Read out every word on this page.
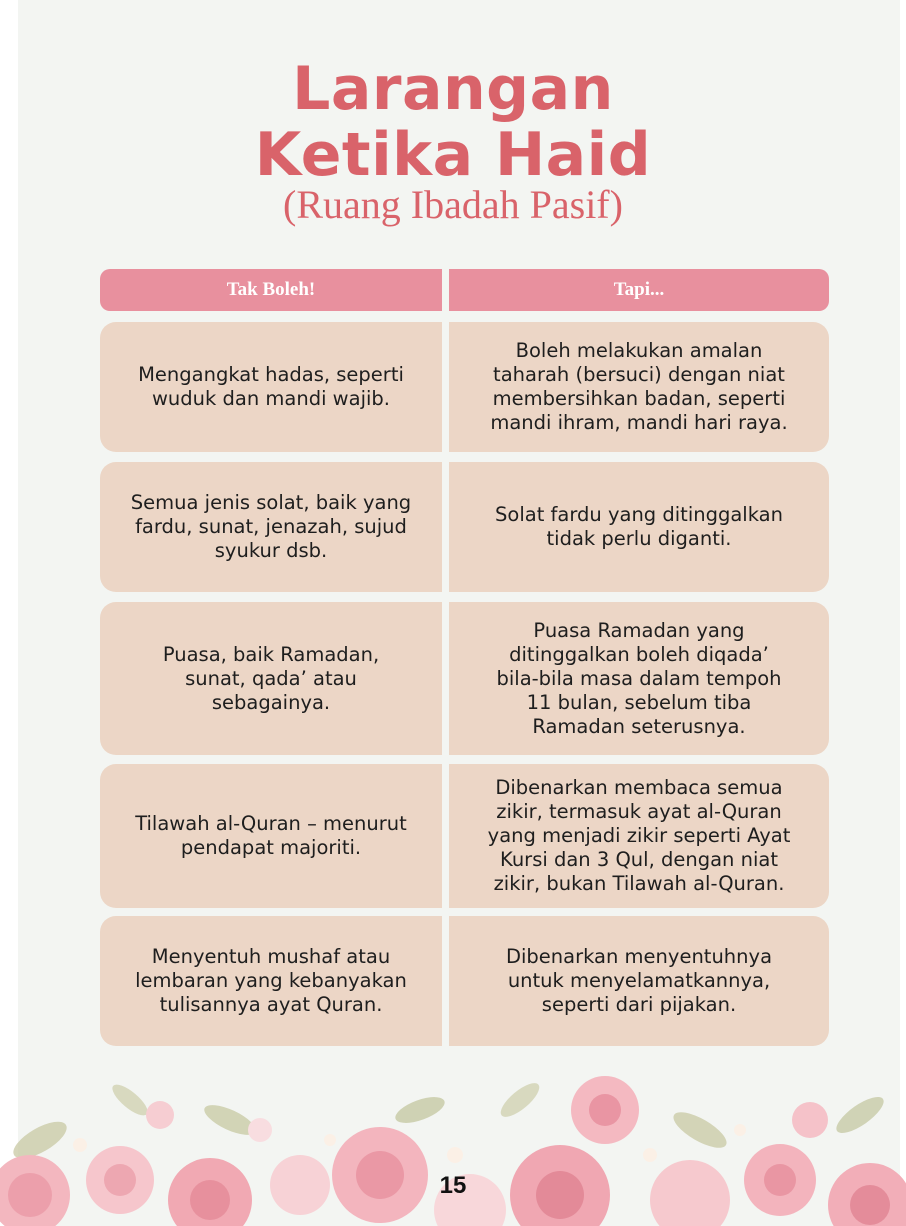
Larangan
Ketika Haid
(Ruang Ibadah Pasif)
Tak Boleh!	Tapi...
Mengangkat hadas, seperti
wuduk dan mandi wajib.
Boleh melakukan amalan
taharah (bersuci) dengan niat
membersihkan badan, seperti
mandi ihram, mandi hari raya.
Semua jenis solat, baik yang
fardu, sunat, jenazah, sujud
syukur dsb.
Solat fardu yang ditinggalkan
tidak perlu diganti.
Puasa, baik Ramadan,
sunat, qada’ atau
sebagainya.
Puasa Ramadan yang
ditinggalkan boleh diqada’
bila-bila masa dalam tempoh
11 bulan, sebelum tiba
Ramadan seterusnya.
Tilawah al-Quran – menurut
pendapat majoriti.
Dibenarkan membaca semua
zikir, termasuk ayat al-Quran
yang menjadi zikir seperti Ayat
Kursi dan 3 Qul, dengan niat
zikir, bukan Tilawah al-Quran.
Menyentuh mushaf atau
lembaran yang kebanyakan
tulisannya ayat Quran.
Dibenarkan menyentuhnya
untuk menyelamatkannya,
seperti dari pijakan.
15
